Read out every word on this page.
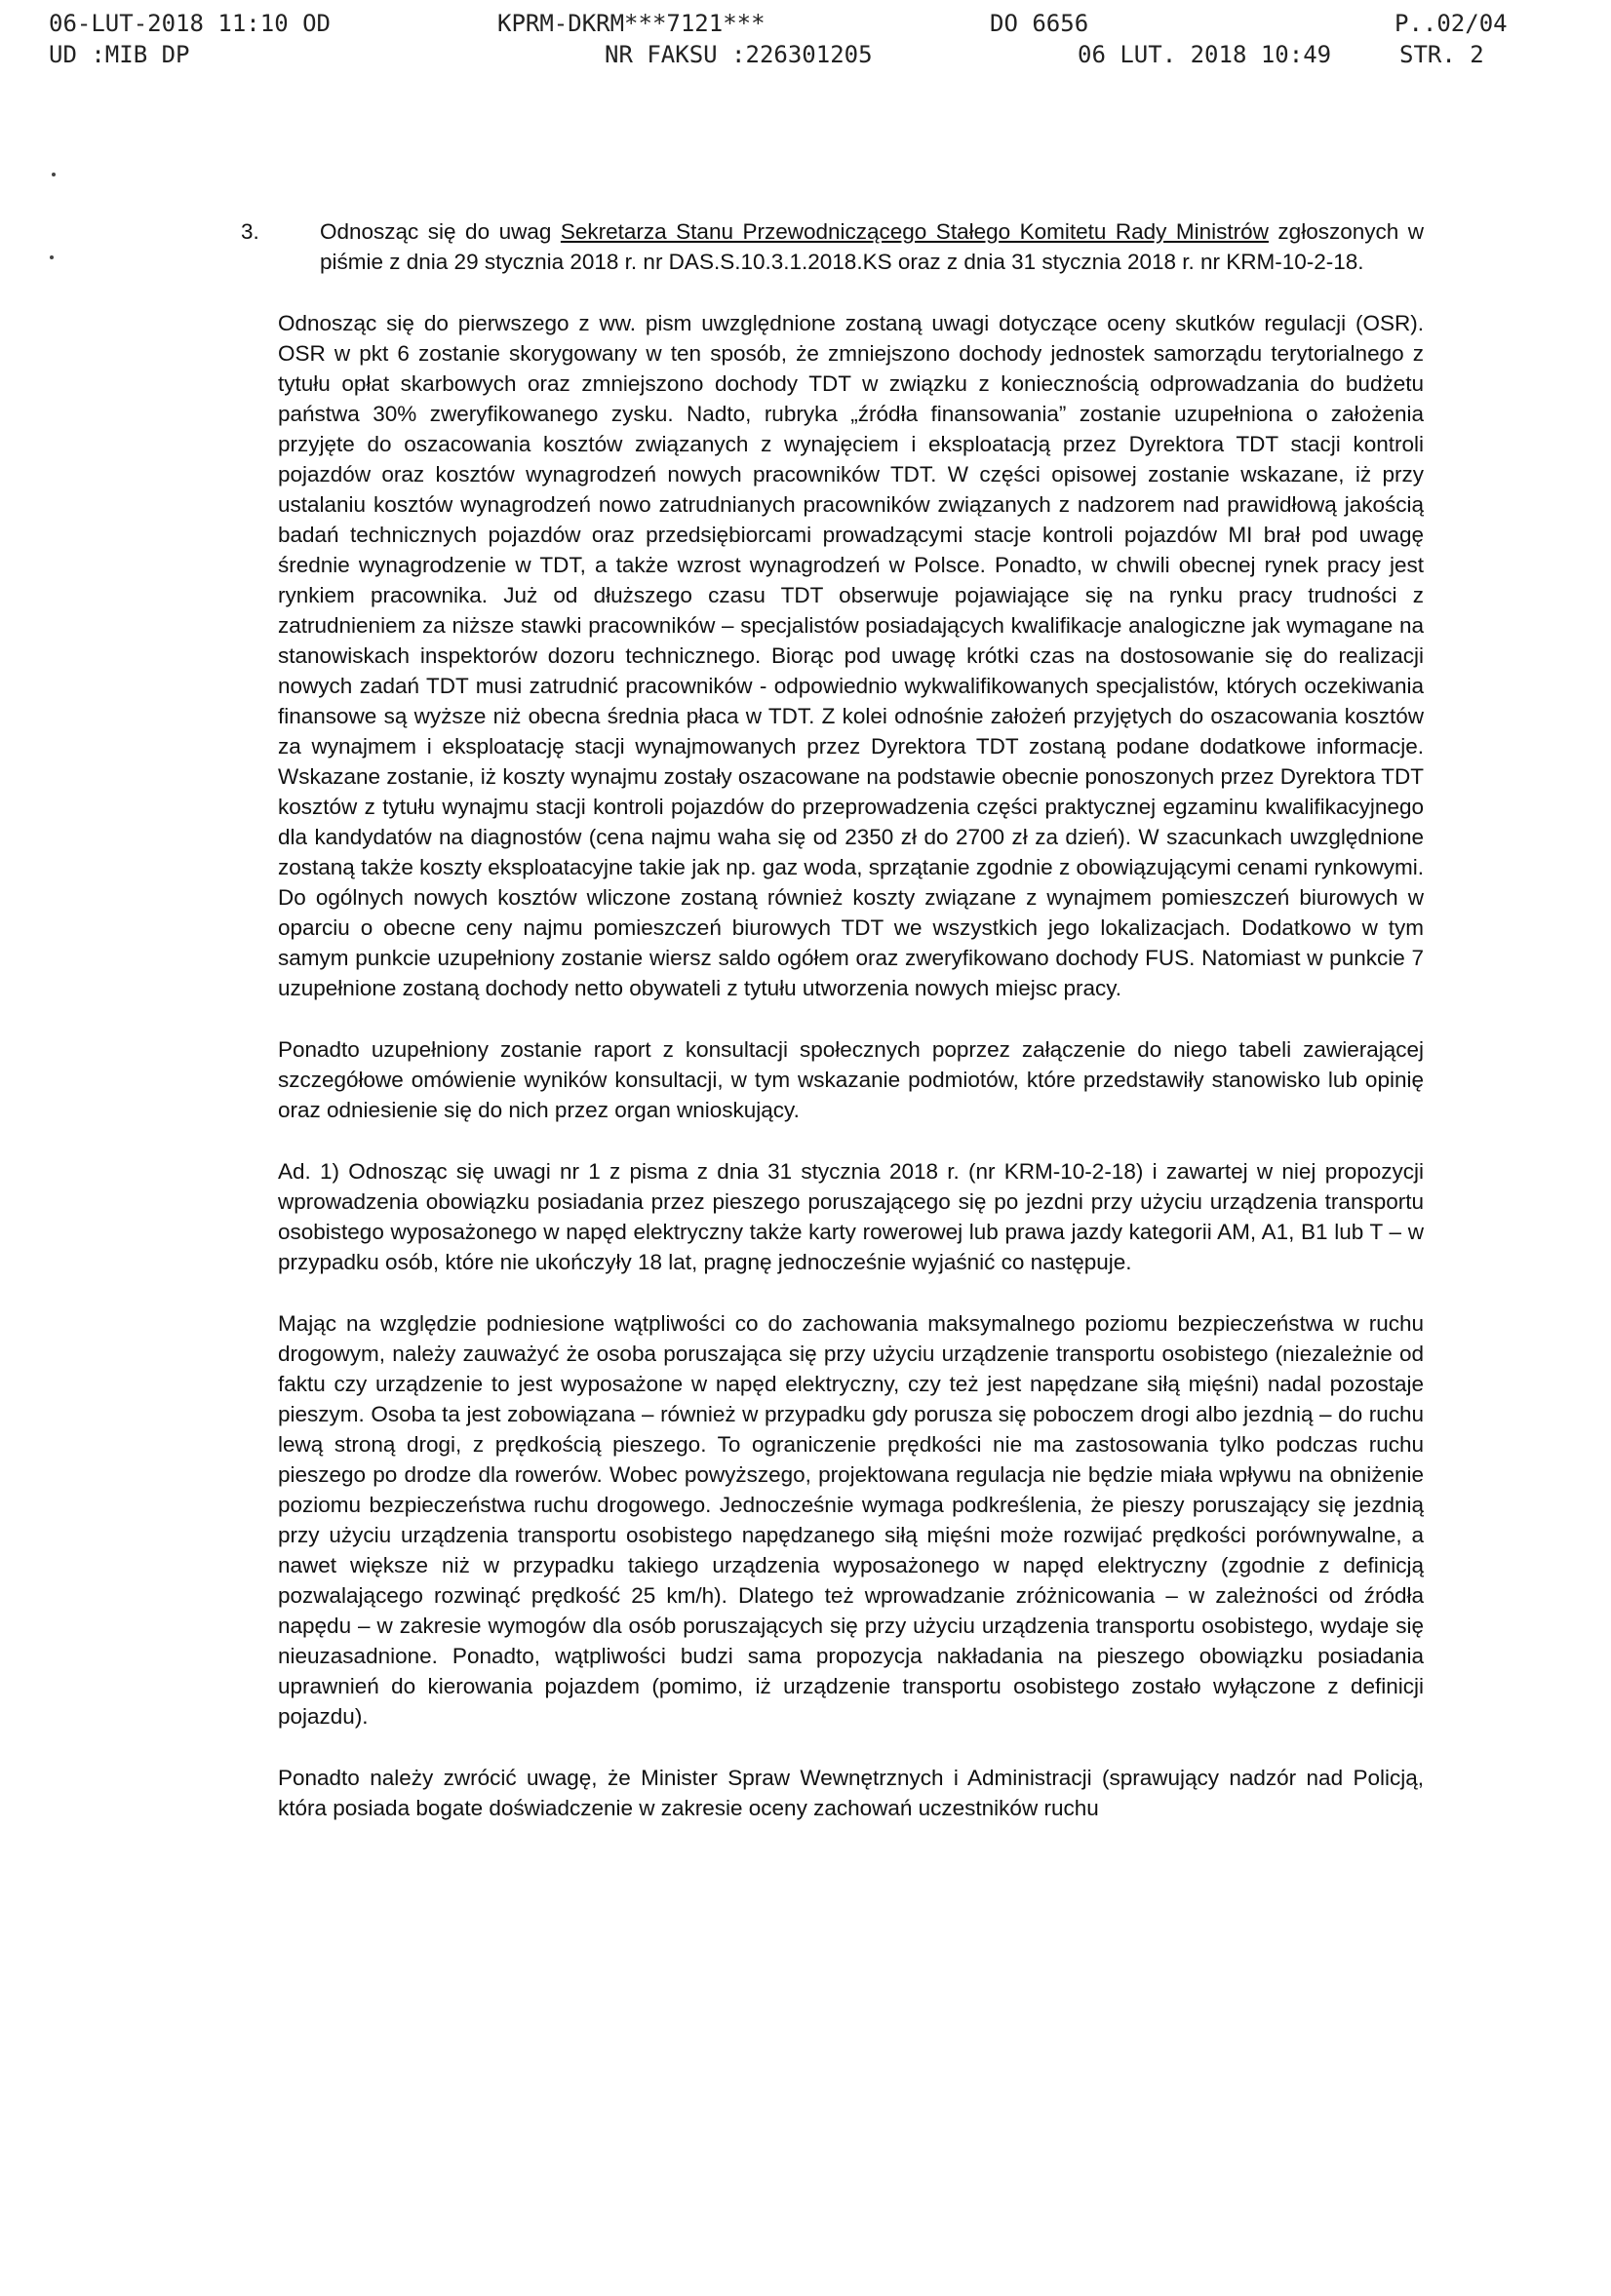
06-LUT-2018 11:10 OD	KPRM-DKRM***7121***	DO 6656	P..02/04
UD :MIB DP	NR FAKSU :226301205	06 LUT. 2018 10:49	STR. 2
3.	Odnosząc się do uwag Sekretarza Stanu Przewodniczącego Stałego Komitetu Rady Ministrów zgłoszonych w piśmie z dnia 29 stycznia 2018 r. nr DAS.S.10.3.1.2018.KS oraz z dnia 31 stycznia 2018 r. nr KRM-10-2-18.

Odnosząc się do pierwszego z ww. pism uwzględnione zostaną uwagi dotyczące oceny skutków regulacji (OSR). OSR w pkt 6 zostanie skorygowany w ten sposób, że zmniejszono dochody jednostek samorządu terytorialnego z tytułu opłat skarbowych oraz zmniejszono dochody TDT w związku z koniecznością odprowadzania do budżetu państwa 30% zweryfikowanego zysku. Nadto, rubryka „źródła finansowania” zostanie uzupełniona o założenia przyjęte do oszacowania kosztów związanych z wynajęciem i eksploatacją przez Dyrektora TDT stacji kontroli pojazdów oraz kosztów wynagrodzeń nowych pracowników TDT. W części opisowej zostanie wskazane, iż przy ustalaniu kosztów wynagrodzeń nowo zatrudnianych pracowników związanych z nadzorem nad prawidłową jakością badań technicznych pojazdów oraz przedsiębiorcami prowadzącymi stacje kontroli pojazdów MI brał pod uwagę średnie wynagrodzenie w TDT, a także wzrost wynagrodzeń w Polsce. Ponadto, w chwili obecnej rynek pracy jest rynkiem pracownika. Już od dłuższego czasu TDT obserwuje pojawiające się na rynku pracy trudności z zatrudnieniem za niższe stawki pracowników – specjalistów posiadających kwalifikacje analogiczne jak wymagane na stanowiskach inspektorów dozoru technicznego. Biorąc pod uwagę krótki czas na dostosowanie się do realizacji nowych zadań TDT musi zatrudnić pracowników - odpowiednio wykwalifikowanych specjalistów, których oczekiwania finansowe są wyższe niż obecna średnia płaca w TDT. Z kolei odnośnie założeń przyjętych do oszacowania kosztów za wynajmem i eksploatację stacji wynajmowanych przez Dyrektora TDT zostaną podane dodatkowe informacje. Wskazane zostanie, iż koszty wynajmu zostały oszacowane na podstawie obecnie ponoszonych przez Dyrektora TDT kosztów z tytułu wynajmu stacji kontroli pojazdów do przeprowadzenia części praktycznej egzaminu kwalifikacyjnego dla kandydatów na diagnostów (cena najmu waha się od 2350 zł do 2700 zł za dzień). W szacunkach uwzględnione zostaną także koszty eksploatacyjne takie jak np. gaz woda, sprzątanie zgodnie z obowiązującymi cenami rynkowymi. Do ogólnych nowych kosztów wliczone zostaną również koszty związane z wynajmem pomieszczeń biurowych w oparciu o obecne ceny najmu pomieszczeń biurowych TDT we wszystkich jego lokalizacjach. Dodatkowo w tym samym punkcie uzupełniony zostanie wiersz saldo ogółem oraz zweryfikowano dochody FUS. Natomiast w punkcie 7 uzupełnione zostaną dochody netto obywateli z tytułu utworzenia nowych miejsc pracy.

Ponadto uzupełniony zostanie raport z konsultacji społecznych poprzez załączenie do niego tabeli zawierającej szczegółowe omówienie wyników konsultacji, w tym wskazanie podmiotów, które przedstawiły stanowisko lub opinię oraz odniesienie się do nich przez organ wnioskujący.

Ad. 1) Odnosząc się uwagi nr 1 z pisma z dnia 31 stycznia 2018 r. (nr KRM-10-2-18) i zawartej w niej propozycji wprowadzenia obowiązku posiadania przez pieszego poruszającego się po jezdni przy użyciu urządzenia transportu osobistego wyposażonego w napęd elektryczny także karty rowerowej lub prawa jazdy kategorii AM, A1, B1 lub T – w przypadku osób, które nie ukończyły 18 lat, pragnę jednocześnie wyjaśnić co następuje.

Mając na względzie podniesione wątpliwości co do zachowania maksymalnego poziomu bezpieczeństwa w ruchu drogowym, należy zauważyć że osoba poruszająca się przy użyciu urządzenie transportu osobistego (niezależnie od faktu czy urządzenie to jest wyposażone w napęd elektryczny, czy też jest napędzane siłą mięśni) nadal pozostaje pieszym. Osoba ta jest zobowiązana – również w przypadku gdy porusza się poboczem drogi albo jezdnią – do ruchu lewą stroną drogi, z prędkością pieszego. To ograniczenie prędkości nie ma zastosowania tylko podczas ruchu pieszego po drodze dla rowerów. Wobec powyższego, projektowana regulacja nie będzie miała wpływu na obniżenie poziomu bezpieczeństwa ruchu drogowego. Jednocześnie wymaga podkreślenia, że pieszy poruszający się jezdnią przy użyciu urządzenia transportu osobistego napędzanego siłą mięśni może rozwijać prędkości porównywalne, a nawet większe niż w przypadku takiego urządzenia wyposażonego w napęd elektryczny (zgodnie z definicją pozwalającego rozwinąć prędkość 25 km/h). Dlatego też wprowadzanie zróżnicowania – w zależności od źródła napędu – w zakresie wymogów dla osób poruszających się przy użyciu urządzenia transportu osobistego, wydaje się nieuzasadnione. Ponadto, wątpliwości budzi sama propozycja nakładania na pieszego obowiązku posiadania uprawnień do kierowania pojazdem (pomimo, iż urządzenie transportu osobistego zostało wyłączone z definicji pojazdu).

Ponadto należy zwrócić uwagę, że Minister Spraw Wewnętrznych i Administracji (sprawujący nadzór nad Policją, która posiada bogate doświadczenie w zakresie oceny zachowań uczestników ruchu
